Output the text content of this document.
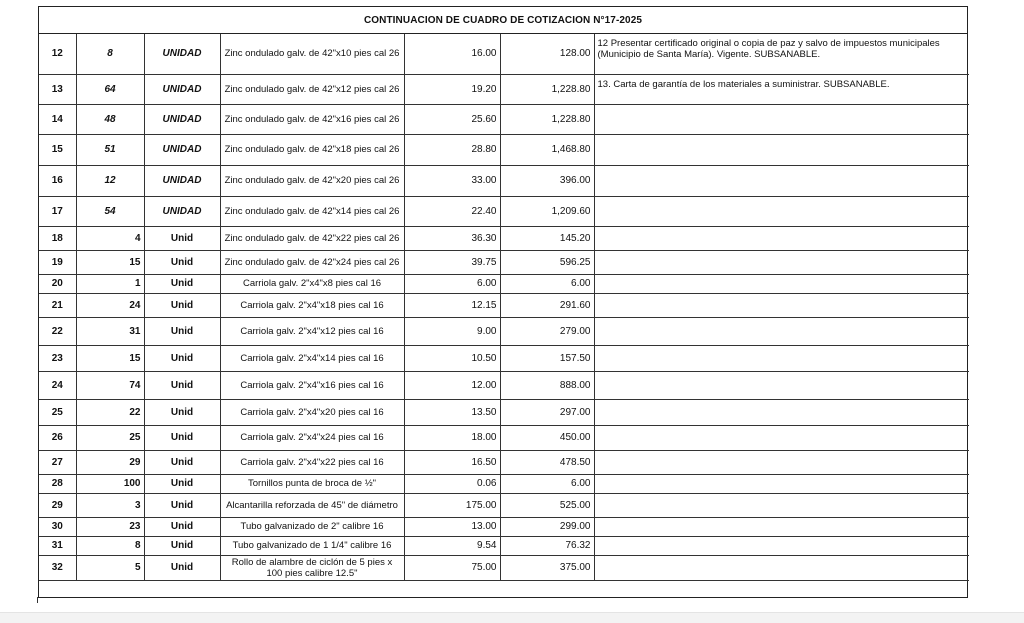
CONTINUACION DE CUADRO DE COTIZACION N°17-2025
12	8	UNIDAD	Zinc ondulado galv. de 42"x10 pies cal 26	16.00	128.00	12 Presentar certificado original o copia de paz y salvo de impuestos municipales (Municipio de Santa María). Vigente. SUBSANABLE.
13	64	UNIDAD	Zinc ondulado galv. de 42"x12 pies cal 26	19.20	1,228.80	13. Carta de garantía de los materiales a suministrar. SUBSANABLE.
14	48	UNIDAD	Zinc ondulado galv. de 42"x16 pies cal 26	25.60	1,228.80	
15	51	UNIDAD	Zinc ondulado galv. de 42"x18 pies cal 26	28.80	1,468.80	
16	12	UNIDAD	Zinc ondulado galv. de 42"x20 pies cal 26	33.00	396.00	
17	54	UNIDAD	Zinc ondulado galv. de 42"x14 pies cal 26	22.40	1,209.60	
18	4	Unid	Zinc ondulado galv. de 42"x22 pies cal 26	36.30	145.20	
19	15	Unid	Zinc ondulado galv. de 42"x24 pies cal 26	39.75	596.25	
20	1	Unid	Carriola galv. 2"x4"x8 pies cal 16	6.00	6.00	
21	24	Unid	Carriola galv. 2"x4"x18 pies cal 16	12.15	291.60	
22	31	Unid	Carriola galv. 2"x4"x12 pies cal 16	9.00	279.00	
23	15	Unid	Carriola galv. 2"x4"x14 pies cal 16	10.50	157.50	
24	74	Unid	Carriola galv. 2"x4"x16 pies cal 16	12.00	888.00	
25	22	Unid	Carriola galv. 2"x4"x20 pies cal 16	13.50	297.00	
26	25	Unid	Carriola galv. 2"x4"x24 pies cal 16	18.00	450.00	
27	29	Unid	Carriola galv. 2"x4"x22 pies cal 16	16.50	478.50	
28	100	Unid	Tornillos punta de broca de ½"	0.06	6.00	
29	3	Unid	Alcantarilla reforzada de 45" de diámetro	175.00	525.00	
30	23	Unid	Tubo galvanizado de 2" calibre 16	13.00	299.00	
31	8	Unid	Tubo galvanizado de 1 1/4" calibre 16	9.54	76.32	
32	5	Unid	Rollo de alambre de ciclón de 5 pies x 100 pies calibre 12.5"	75.00	375.00	
